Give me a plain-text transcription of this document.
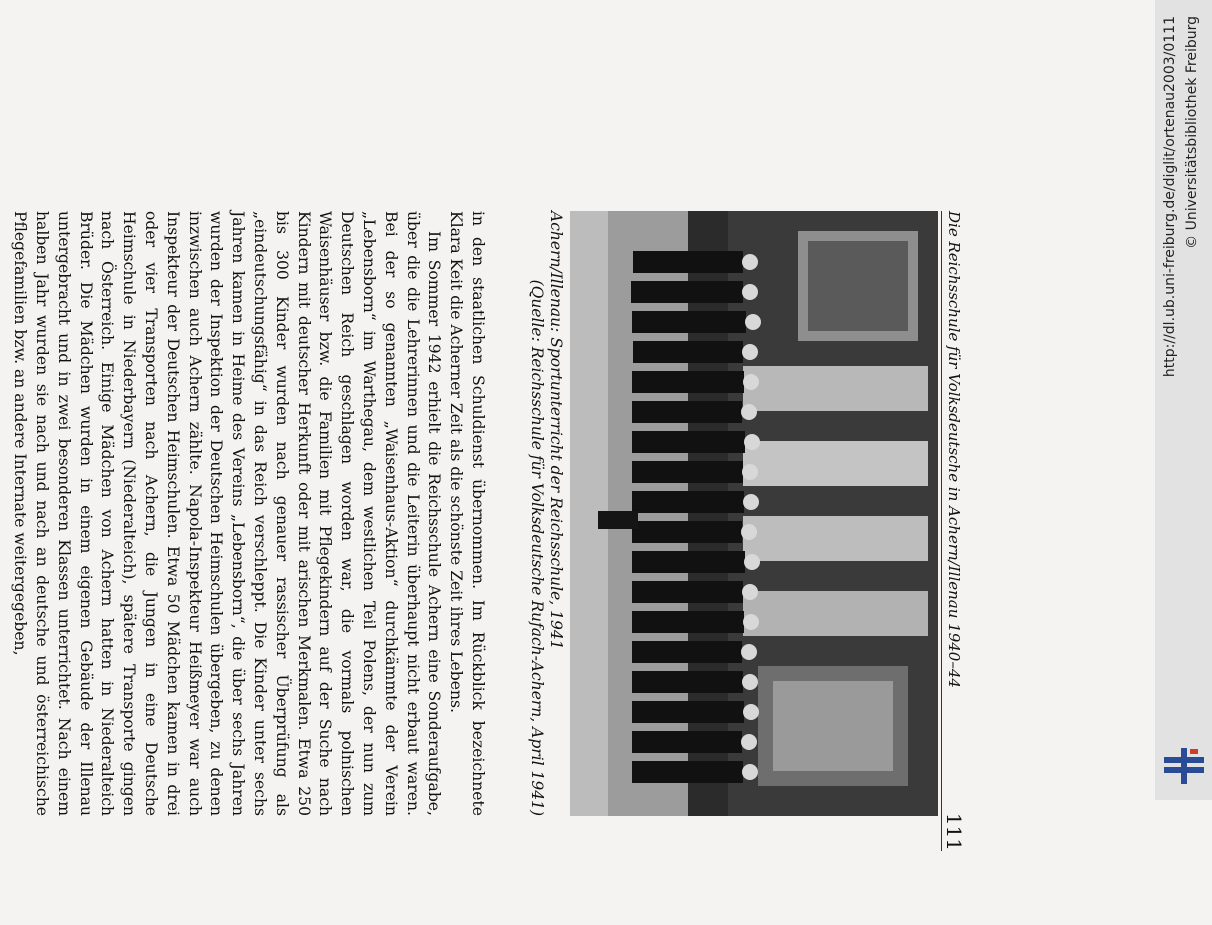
Die Reichsschule für Volksdeutsche in Achern/Illenau 1940–44
111
Achern/Illenau: Sportunterricht der Reichsschule, 1941
(Quelle: Reichsschule für Volksdeutsche Rufach-Achern, April 1941)

in den staatlichen Schuldienst übernommen. Im Rückblick bezeichnete Klara Keit die Acherner Zeit als die schönste Zeit ihres Lebens.

Im Sommer 1942 erhielt die Reichsschule Achern eine Sonderaufgabe, über die die Lehrerinnen und die Leiterin überhaupt nicht erbaut waren. Bei der so genannten „Waisenhaus-Aktion“ durchkämmte der Verein „Lebensborn“ im Warthegau, dem westlichen Teil Polens, der nun zum Deutschen Reich geschlagen worden war, die vormals polnischen Waisenhäuser bzw. die Familien mit Pflegekindern auf der Suche nach Kindern mit deutscher Herkunft oder mit arischen Merkmalen. Etwa 250 bis 300 Kinder wurden nach genauer rassischer Überprüfung als „eindeutschungsfähig“ in das Reich verschleppt. Die Kinder unter sechs Jahren kamen in Heime des Vereins „Lebensborn“, die über sechs Jahren wurden der Inspektion der Deutschen Heimschulen übergeben, zu denen inzwischen auch Achern zählte. Napola-Inspekteur Heißmeyer war auch Inspekteur der Deutschen Heimschulen. Etwa 50 Mädchen kamen in drei oder vier Transporten nach Achern, die Jungen in eine Deutsche Heimschule in Niederbayern (Niederalteich), spätere Transporte gingen nach Österreich. Einige Mädchen von Achern hatten in Niederalteich Brüder. Die Mädchen wurden in einem eigenen Gebäude der Illenau untergebracht und in zwei besonderen Klassen unterrichtet. Nach einem halben Jahr wurden sie nach und nach an deutsche und österreichische Pflegefamilien bzw. an andere Internate weitergegeben,

http://dl.ub.uni-freiburg.de/diglit/ortenau2003/0111 © Universitätsbibliothek Freiburg
